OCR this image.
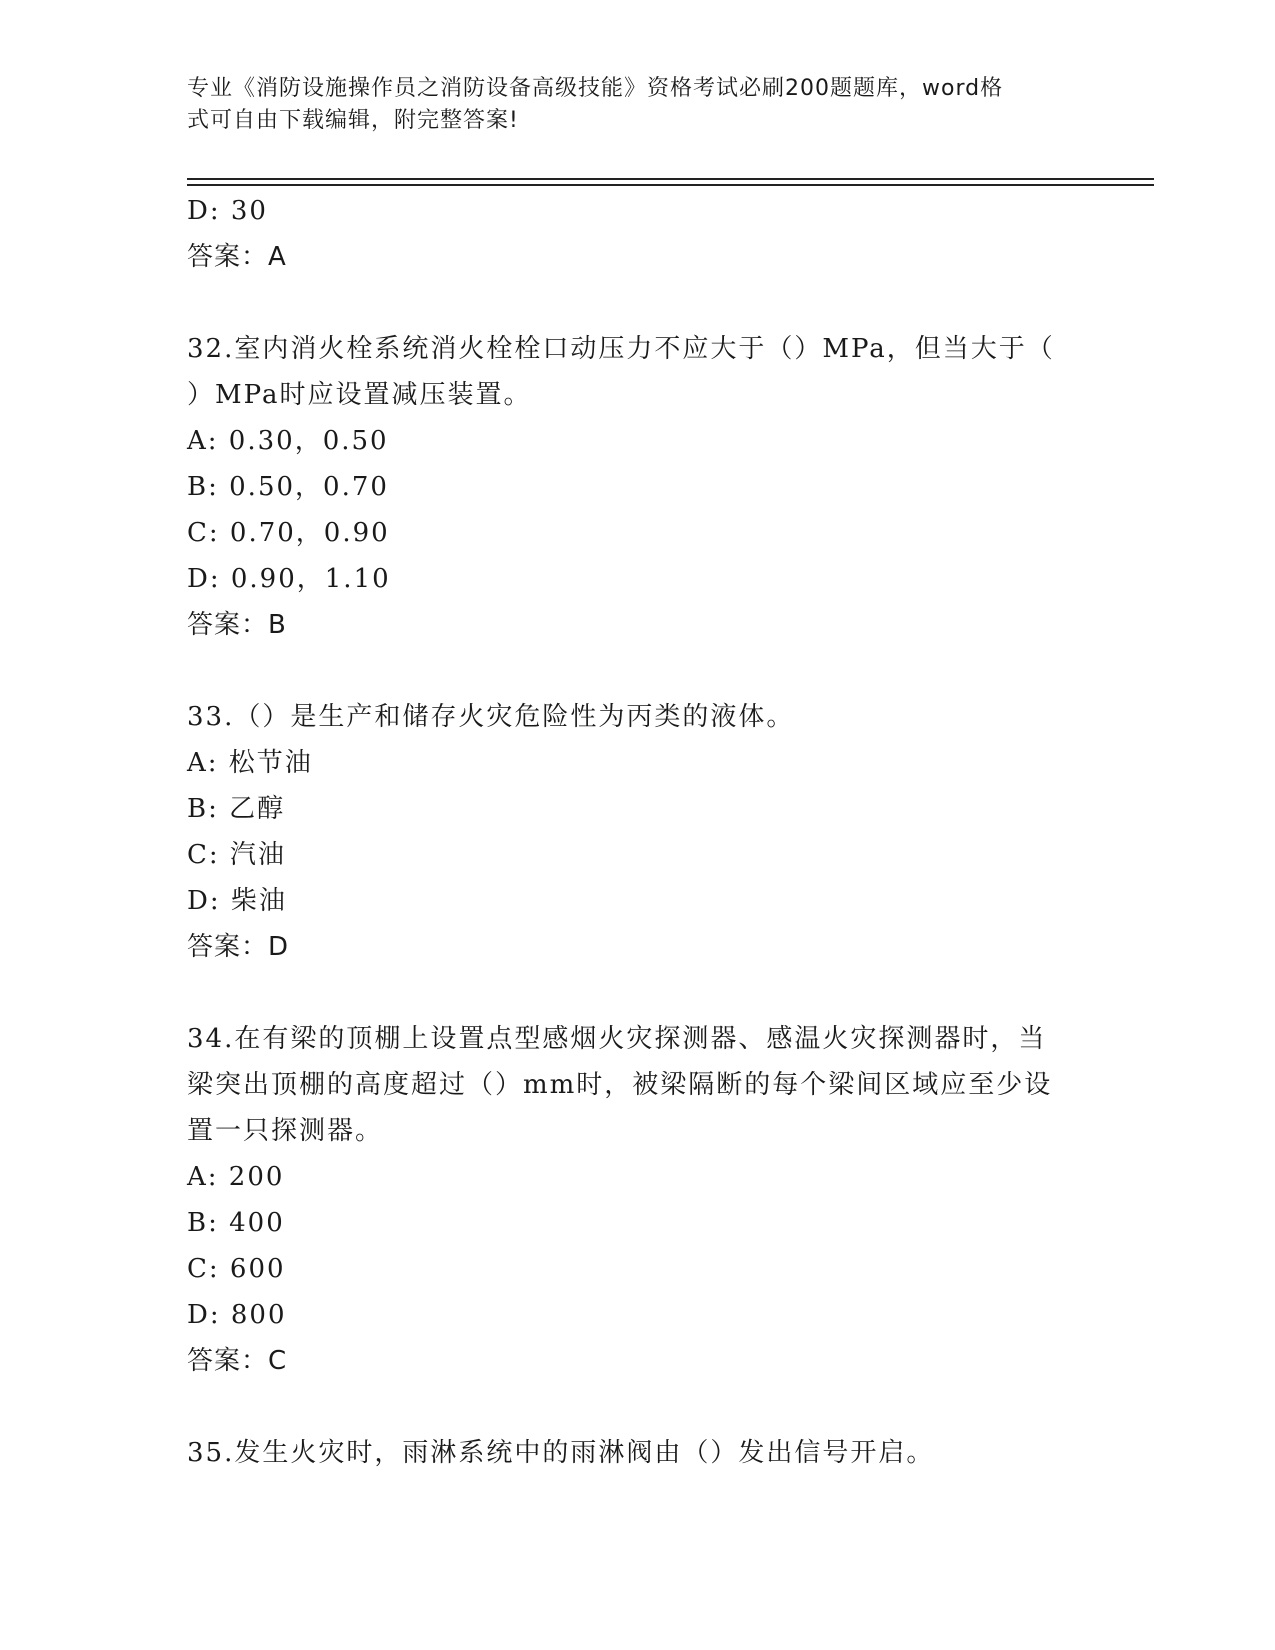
专业《消防设施操作员之消防设备高级技能》资格考试必刷200题题库，word格
式可自由下载编辑，附完整答案!
D: 30
答案：A
32.室内消火栓系统消火栓栓口动压力不应大于（）MPa，但当大于（
）MPa时应设置减压装置。
A: 0.30，0.50
B: 0.50，0.70
C: 0.70，0.90
D: 0.90，1.10
答案：B
33.（）是生产和储存火灾危险性为丙类的液体。
A: 松节油
B: 乙醇
C: 汽油
D: 柴油
答案：D
34.在有梁的顶棚上设置点型感烟火灾探测器、感温火灾探测器时，当
梁突出顶棚的高度超过（）mm时，被梁隔断的每个梁间区域应至少设
置一只探测器。
A: 200
B: 400
C: 600
D: 800
答案：C
35.发生火灾时，雨淋系统中的雨淋阀由（）发出信号开启。
